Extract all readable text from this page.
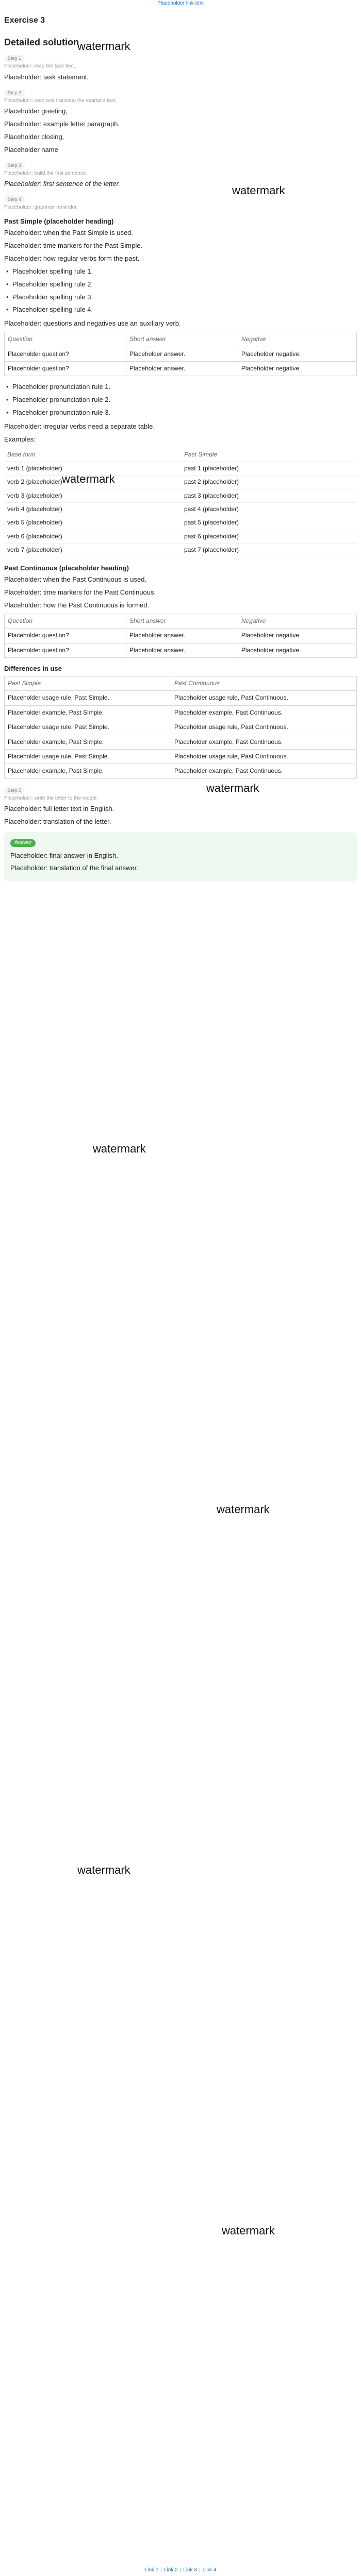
Placeholder link text
Exercise 3
Detailed solution
Step 1
Placeholder: read the task text.

Placeholder: task statement.

Step 2
Placeholder: read and translate the example text.

Placeholder greeting,

Placeholder: example letter paragraph.

Placeholder closing,

Placeholder name

Step 3
Placeholder: build the first sentence.

Placeholder: first sentence of the letter.

Step 4
Placeholder: grammar reminder.
Past Simple (placeholder heading)

Placeholder: when the Past Simple is used.

Placeholder: time markers for the Past Simple.

Placeholder: how regular verbs form the past.

• Placeholder spelling rule 1.
• Placeholder spelling rule 2.
• Placeholder spelling rule 3.
• Placeholder spelling rule 4.

Placeholder: questions and negatives use an auxiliary verb.

Question	Short answer	Negative
Placeholder question?	Placeholder answer.	Placeholder negative.
Placeholder question?	Placeholder answer.	Placeholder negative.
• Placeholder pronunciation rule 1.
• Placeholder pronunciation rule 2.
• Placeholder pronunciation rule 3.

Placeholder: irregular verbs need a separate table.

Examples:

Base form	Past Simple
verb 1 (placeholder)	past 1 (placeholder)
verb 2 (placeholder)	past 2 (placeholder)
verb 3 (placeholder)	past 3 (placeholder)
verb 4 (placeholder)	past 4 (placeholder)
verb 5 (placeholder)	past 5 (placeholder)
verb 6 (placeholder)	past 6 (placeholder)
verb 7 (placeholder)	past 7 (placeholder)
Past Continuous (placeholder heading)

Placeholder: when the Past Continuous is used.

Placeholder: time markers for the Past Continuous.

Placeholder: how the Past Continuous is formed.

Question	Short answer	Negative
Placeholder question?	Placeholder answer.	Placeholder negative.
Placeholder question?	Placeholder answer.	Placeholder negative.
Differences in use
Past Simple	Past Continuous
Placeholder usage rule, Past Simple.	Placeholder usage rule, Past Continuous.
Placeholder example, Past Simple.	Placeholder example, Past Continuous.
Placeholder usage rule, Past Simple.	Placeholder usage rule, Past Continuous.
Placeholder example, Past Simple.	Placeholder example, Past Continuous.
Placeholder usage rule, Past Simple.	Placeholder usage rule, Past Continuous.
Placeholder example, Past Simple.	Placeholder example, Past Continuous.
Step 5
Placeholder: write the letter to the model.

Placeholder: full letter text in English.

Placeholder: translation of the letter.

Answer

Placeholder: final answer in English.

Placeholder: translation of the final answer.

watermark
watermark
watermark
watermark
watermark
watermark
watermark
watermark
Link 1 | Link 2 | Link 3 | Link 4
